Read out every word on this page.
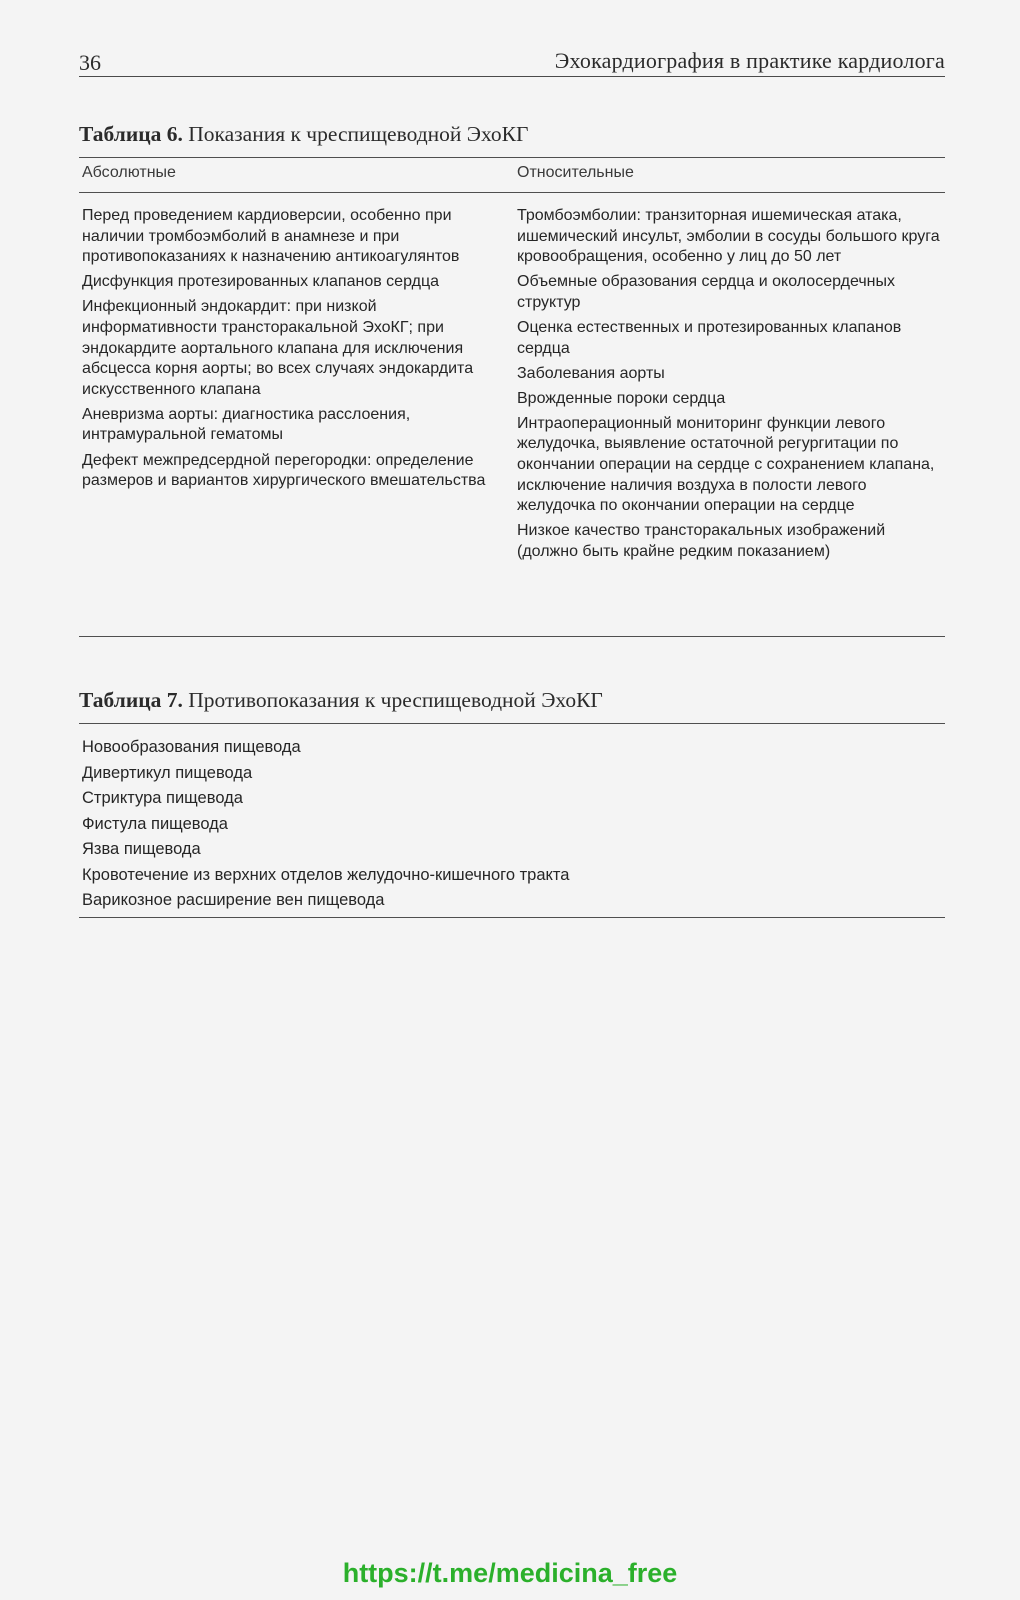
36	Эхокардиография в практике кардиолога

Таблица 6. Показания к чреспищеводной ЭхоКГ

Абсолютные	Относительные

Перед проведением кардиоверсии, особенно при наличии тромбоэмболий в анамнезе и при противопоказаниях к назначению антикоагулянтов

Дисфункция протезированных клапанов сердца

Инфекционный эндокардит: при низкой информативности трансторакальной ЭхоКГ; при эндокардите аортального клапана для исключения абсцесса корня аорты; во всех случаях эндокардита искусственного клапана

Аневризма аорты: диагностика расслоения, интрамуральной гематомы

Дефект межпредсердной перегородки: определение размеров и вариантов хирургического вмешательства

Тромбоэмболии: транзиторная ишемическая атака, ишемический инсульт, эмболии в сосуды большого круга кровообращения, особенно у лиц до 50 лет

Объемные образования сердца и околосердечных структур

Оценка естественных и протезированных клапанов сердца

Заболевания аорты

Врожденные пороки сердца

Интраоперационный мониторинг функции левого желудочка, выявление остаточной регургитации по окончании операции на сердце с сохранением клапана, исключение наличия воздуха в полости левого желудочка по окончании операции на сердце

Низкое качество трансторакальных изображений (должно быть крайне редким показанием)

Таблица 7. Противопоказания к чреспищеводной ЭхоКГ

Новообразования пищевода
Дивертикул пищевода
Стриктура пищевода
Фистула пищевода
Язва пищевода
Кровотечение из верхних отделов желудочно-кишечного тракта
Варикозное расширение вен пищевода
https://t.me/medicina_free
